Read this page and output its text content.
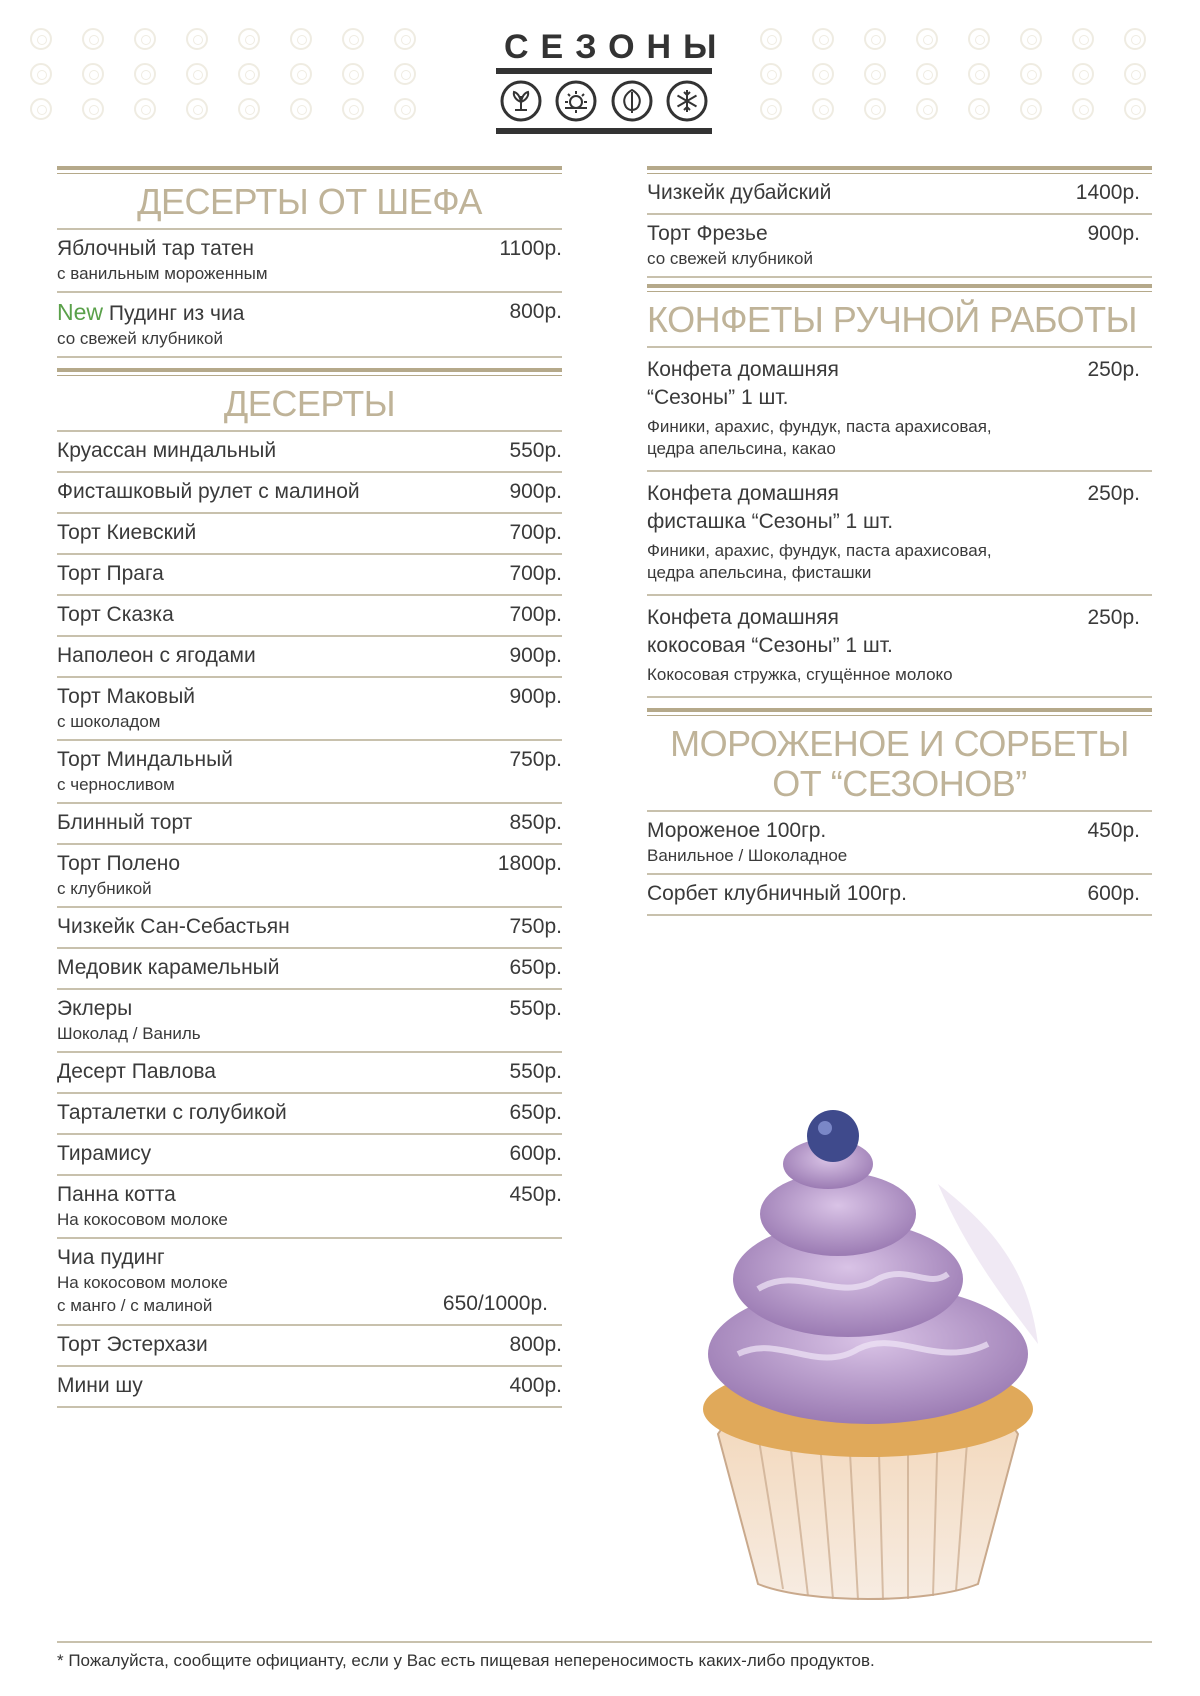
СЕЗОНЫ
ДЕСЕРТЫ ОТ ШЕФА
Яблочный тар татен
с ванильным мороженным
1100р.
New Пудинг из чиа
со свежей клубникой
800р.
ДЕСЕРТЫ
Круассан миндальный	550р.
Фисташковый рулет с малиной	900р.
Торт Киевский	700р.
Торт Прага	700р.
Торт Сказка	700р.
Наполеон с ягодами	900р.
Торт Маковый
с шоколадом
900р.
Торт Миндальный
с черносливом
750р.
Блинный торт	850р.
Торт Полено
с клубникой
1800р.
Чизкейк Сан-Себастьян	750р.
Медовик карамельный	650р.
Эклеры
Шоколад / Ваниль
550р.
Десерт Павлова	550р.
Тарталетки с голубикой	650р.
Тирамису	600р.
Панна котта
На кокосовом молоке
450р.
Чиа пудинг
На кокосовом молоке
с манго / с малиной	650/1000р.
Торт Эстерхази	800р.
Мини шу	400р.
Чизкейк дубайский	1400р.
Торт Фрезье
со свежей клубникой
900р.
КОНФЕТЫ РУЧНОЙ РАБОТЫ
Конфета домашняя
“Сезоны” 1 шт.
Финики, арахис, фундук, паста арахисовая,
цедра апельсина, какао
250р.
Конфета домашняя
фисташка “Сезоны” 1 шт.
Финики, арахис, фундук, паста арахисовая,
цедра апельсина, фисташки
250р.
Конфета домашняя
кокосовая “Сезоны” 1 шт.
Кокосовая стружка, сгущённое молоко
250р.
МОРОЖЕНОЕ И СОРБЕТЫ
ОТ “СЕЗОНОВ”
Мороженое 100гр.
Ванильное / Шоколадное
450р.
Сорбет клубничный 100гр.	600р.
* Пожалуйста, сообщите официанту, если у Вас есть пищевая непереносимость каких-либо продуктов.
